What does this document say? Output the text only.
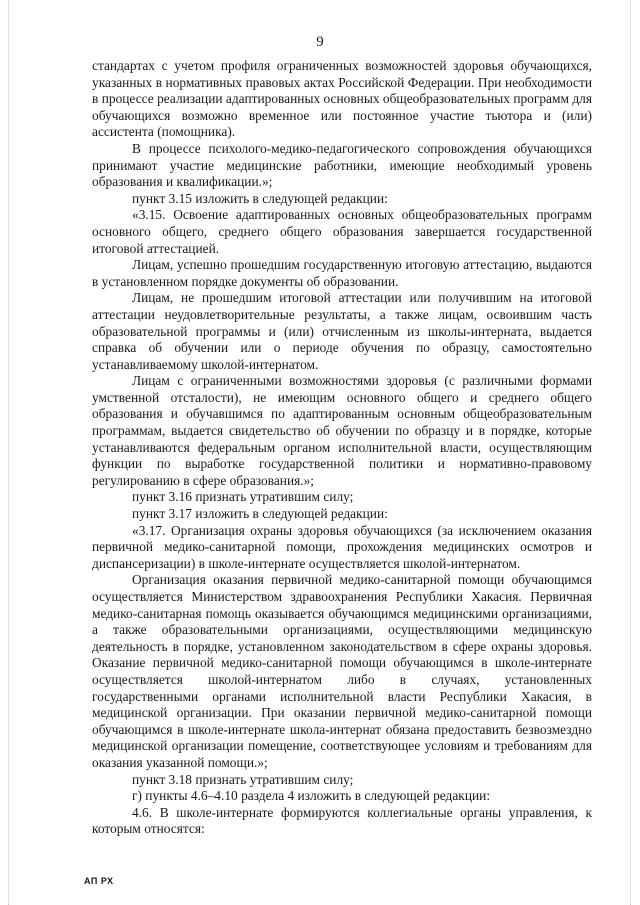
9

стандартах с учетом профиля ограниченных возможностей здоровья обучающихся, указанных в нормативных правовых актах Российской Федерации. При необходимости в процессе реализации адаптированных основных общеобразовательных программ для обучающихся возможно временное или постоянное участие тьютора и (или) ассистента (помощника).

В процессе психолого-медико-педагогического сопровождения обучающихся принимают участие медицинские работники, имеющие необходимый уровень образования и квалификации.»;

пункт 3.15 изложить в следующей редакции:

«3.15. Освоение адаптированных основных общеобразовательных программ основного общего, среднего общего образования завершается государственной итоговой аттестацией.

Лицам, успешно прошедшим государственную итоговую аттестацию, выдаются в установленном порядке документы об образовании.

Лицам, не прошедшим итоговой аттестации или получившим на итоговой аттестации неудовлетворительные результаты, а также лицам, освоившим часть образовательной программы и (или) отчисленным из школы-интерната, выдается справка об обучении или о периоде обучения по образцу, самостоятельно устанавливаемому школой-интернатом.

Лицам с ограниченными возможностями здоровья (с различными формами умственной отсталости), не имеющим основного общего и среднего общего образования и обучавшимся по адаптированным основным общеобразовательным программам, выдается свидетельство об обучении по образцу и в порядке, которые устанавливаются федеральным органом исполнительной власти, осуществляющим функции по выработке государственной политики и нормативно-правовому регулированию в сфере образования.»;

пункт 3.16 признать утратившим силу;

пункт 3.17 изложить в следующей редакции:

«3.17. Организация охраны здоровья обучающихся (за исключением оказания первичной медико-санитарной помощи, прохождения медицинских осмотров и диспансеризации) в школе-интернате осуществляется школой-интернатом.

Организация оказания первичной медико-санитарной помощи обучающимся осуществляется Министерством здравоохранения Республики Хакасия. Первичная медико-санитарная помощь оказывается обучающимся медицинскими организациями, а также образовательными организациями, осуществляющими медицинскую деятельность в порядке, установленном законодательством в сфере охраны здоровья. Оказание первичной медико-санитарной помощи обучающимся в школе-интернате осуществляется школой-интернатом либо в случаях, установленных государственными органами исполнительной власти Республики Хакасия, в медицинской организации. При оказании первичной медико-санитарной помощи обучающимся в школе-интернате школа-интернат обязана предоставить безвозмездно медицинской организации помещение, соответствующее условиям и требованиям для оказания указанной помощи.»;

пункт 3.18 признать утратившим силу;

г) пункты 4.6–4.10 раздела 4 изложить в следующей редакции:

4.6. В школе-интернате формируются коллегиальные органы управления, к которым относятся:

АП РХ
